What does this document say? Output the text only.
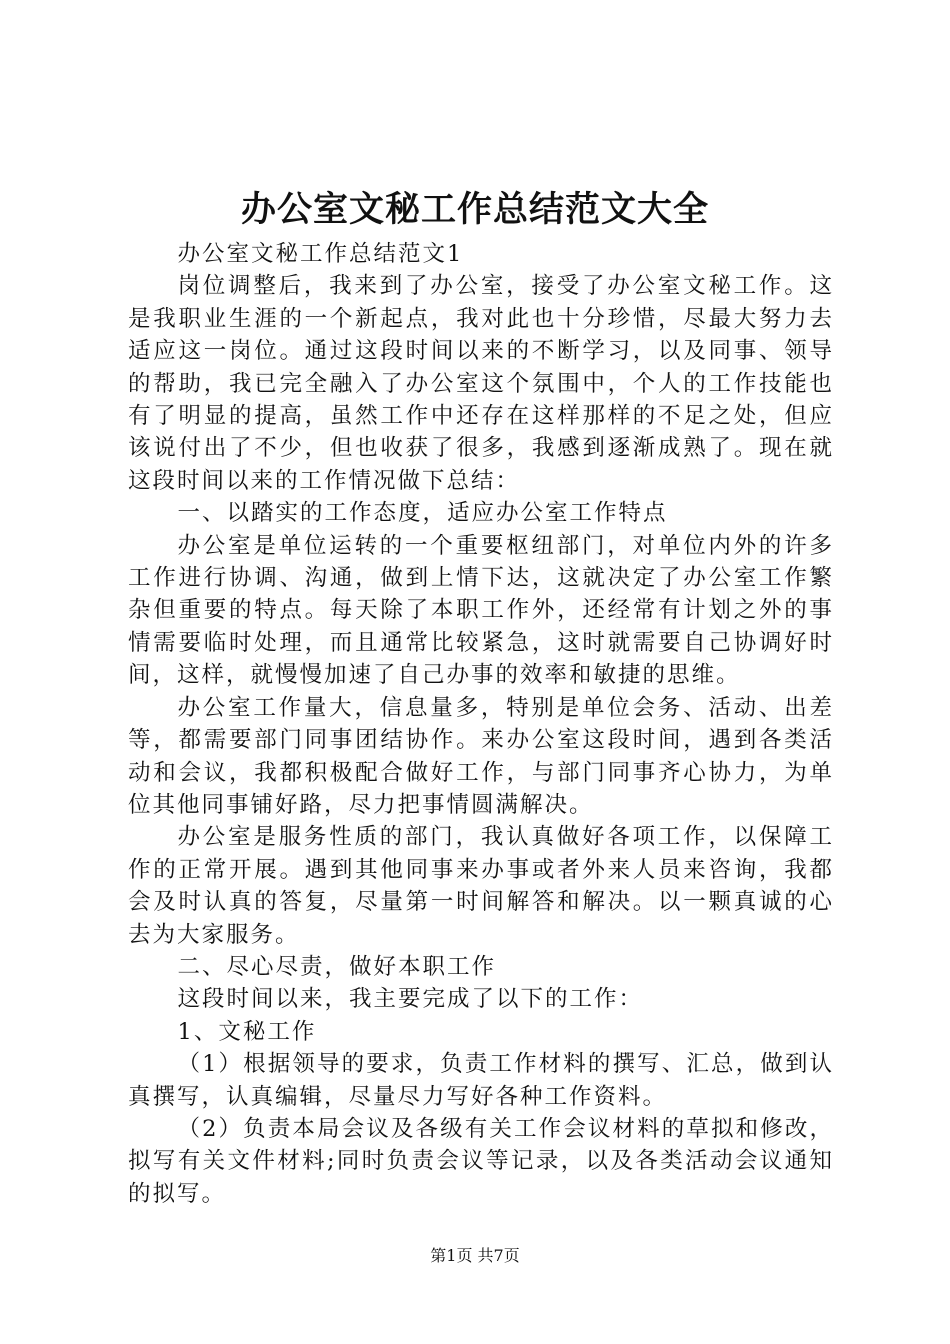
办公室文秘工作总结范文大全

办公室文秘工作总结范文1

岗位调整后，我来到了办公室，接受了办公室文秘工作。这是我职业生涯的一个新起点，我对此也十分珍惜，尽最大努力去适应这一岗位。通过这段时间以来的不断学习，以及同事、领导的帮助，我已完全融入了办公室这个氛围中，个人的工作技能也有了明显的提高，虽然工作中还存在这样那样的不足之处，但应该说付出了不少，但也收获了很多，我感到逐渐成熟了。现在就这段时间以来的工作情况做下总结：

一、以踏实的工作态度，适应办公室工作特点

办公室是单位运转的一个重要枢纽部门，对单位内外的许多工作进行协调、沟通，做到上情下达，这就决定了办公室工作繁杂但重要的特点。每天除了本职工作外，还经常有计划之外的事情需要临时处理，而且通常比较紧急，这时就需要自己协调好时间，这样，就慢慢加速了自己办事的效率和敏捷的思维。

办公室工作量大，信息量多，特别是单位会务、活动、出差等，都需要部门同事团结协作。来办公室这段时间，遇到各类活动和会议，我都积极配合做好工作，与部门同事齐心协力，为单位其他同事铺好路，尽力把事情圆满解决。

办公室是服务性质的部门，我认真做好各项工作，以保障工作的正常开展。遇到其他同事来办事或者外来人员来咨询，我都会及时认真的答复，尽量第一时间解答和解决。以一颗真诚的心去为大家服务。

二、尽心尽责，做好本职工作

这段时间以来，我主要完成了以下的工作：

1、文秘工作

（1）根据领导的要求，负责工作材料的撰写、汇总，做到认真撰写，认真编辑，尽量尽力写好各种工作资料。

（2）负责本局会议及各级有关工作会议材料的草拟和修改，拟写有关文件材料;同时负责会议等记录，以及各类活动会议通知的拟写。

第1页 共7页
